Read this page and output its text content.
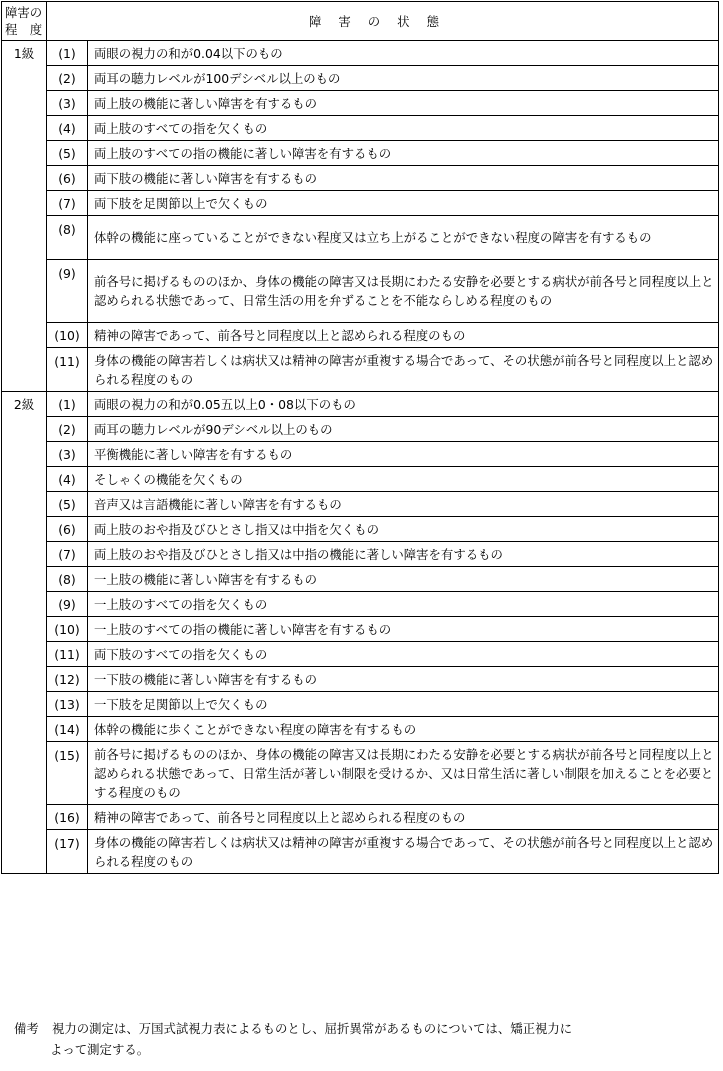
障害の
程　度	障害の状態	
1級	(1)	両眼の視力の和が0.04以下のもの
	(2)	両耳の聴力レベルが100デシベル以上のもの
	(3)	両上肢の機能に著しい障害を有するもの
	(4)	両上肢のすべての指を欠くもの
	(5)	両上肢のすべての指の機能に著しい障害を有するもの
	(6)	両下肢の機能に著しい障害を有するもの
	(7)	両下肢を足関節以上で欠くもの
	(8)	体幹の機能に座っていることができない程度又は立ち上がることができない程度の障害を有するもの
	(9)	前各号に掲げるもののほか、身体の機能の障害又は長期にわたる安静を必要とする病状が前各号と同程度以上と認められる状態であって、日常生活の用を弁ずることを不能ならしめる程度のもの
	(10)	精神の障害であって、前各号と同程度以上と認められる程度のもの
	(11)	身体の機能の障害若しくは病状又は精神の障害が重複する場合であって、その状態が前各号と同程度以上と認められる程度のもの
2級	(1)	両眼の視力の和が0.05五以上0・08以下のもの
	(2)	両耳の聴力レベルが90デシベル以上のもの
	(3)	平衡機能に著しい障害を有するもの
	(4)	そしゃくの機能を欠くもの
	(5)	音声又は言語機能に著しい障害を有するもの
	(6)	両上肢のおや指及びひとさし指又は中指を欠くもの
	(7)	両上肢のおや指及びひとさし指又は中指の機能に著しい障害を有するもの
	(8)	一上肢の機能に著しい障害を有するもの
	(9)	一上肢のすべての指を欠くもの
	(10)	一上肢のすべての指の機能に著しい障害を有するもの
	(11)	両下肢のすべての指を欠くもの
	(12)	一下肢の機能に著しい障害を有するもの
	(13)	一下肢を足関節以上で欠くもの
	(14)	体幹の機能に歩くことができない程度の障害を有するもの
	(15)	前各号に掲げるもののほか、身体の機能の障害又は長期にわたる安静を必要とする病状が前各号と同程度以上と認められる状態であって、日常生活が著しい制限を受けるか、又は日常生活に著しい制限を加えることを必要とする程度のもの
	(16)	精神の障害であって、前各号と同程度以上と認められる程度のもの
	(17)	身体の機能の障害若しくは病状又は精神の障害が重複する場合であって、その状態が前各号と同程度以上と認められる程度のもの
備考 視力の測定は、万国式試視力表によるものとし、屈折異常があるものについては、矯正視力に
よって測定する。
